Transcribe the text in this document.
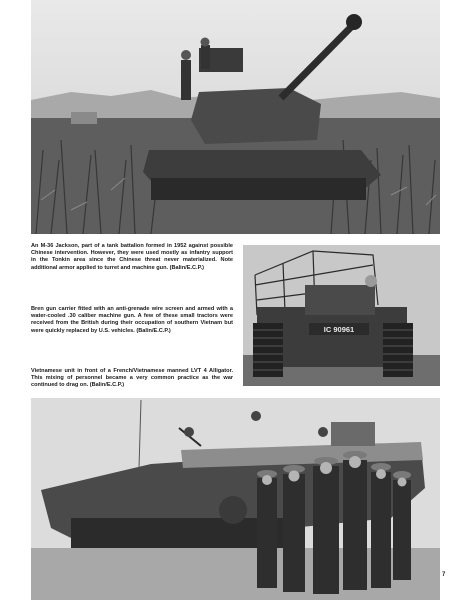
An M-36 Jackson, part of a tank battalion formed in 1952 against possible Chinese intervention. However, they were used mostly as infantry support in the Tonkin area since the Chinese threat never materialized. Note additional armor applied to turret and machine gun. (Balin/E.C.P.)

IC 90961

Bren gun carrier fitted with an anti-grenade wire screen and armed with a water-cooled .30 caliber machine gun. A few of these small tractors were received from the British during their occupation of southern Vietnam but were quickly replaced by U.S. vehicles. (Balin/E.C.P.)

Vietnamese unit in front of a French/Vietnamese manned LVT 4 Alligator. This mixing of personnel became a very common practice as the war continued to drag on. (Balin/E.C.P.)

7
